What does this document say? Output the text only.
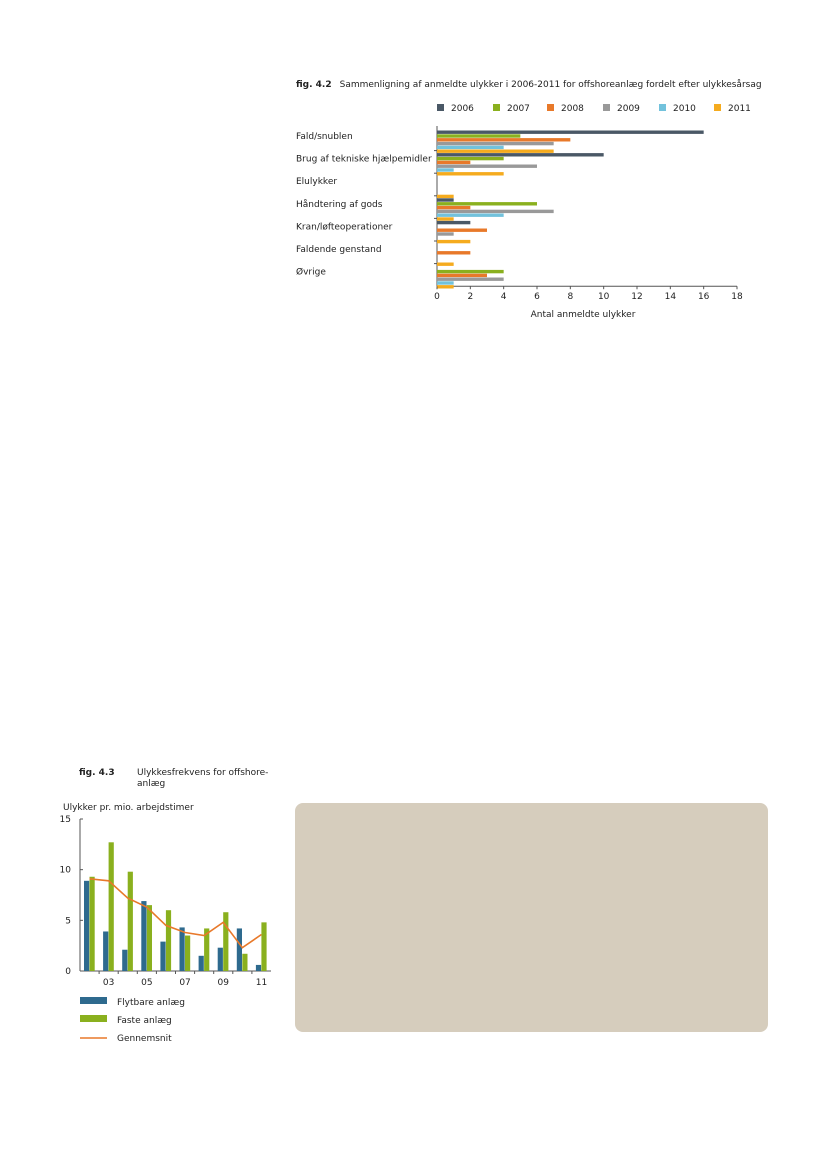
fig. 4.2 Sammenligning af anmeldte ulykker i 2006-2011 for offshoreanlæg fordelt efter ulykkesårsag
2006	2007	2008	2009	2010	2011
Fald/snublen
Brug af tekniske hjælpemidler
Elulykker
Håndtering af gods
Kran/løfteoperationer
Faldende genstand
Øvrige
0	2	4	6	8	10 12 14 16 18
Antal anmeldte ulykker
fig. 4.3 Ulykkesfrekvens for offshore-anlæg
Ulykker pr. mio. arbejdstimer
0
5
10
15
03	05	07	09	11
Flytbare anlæg
Faste anlæg
Gennemsnit
